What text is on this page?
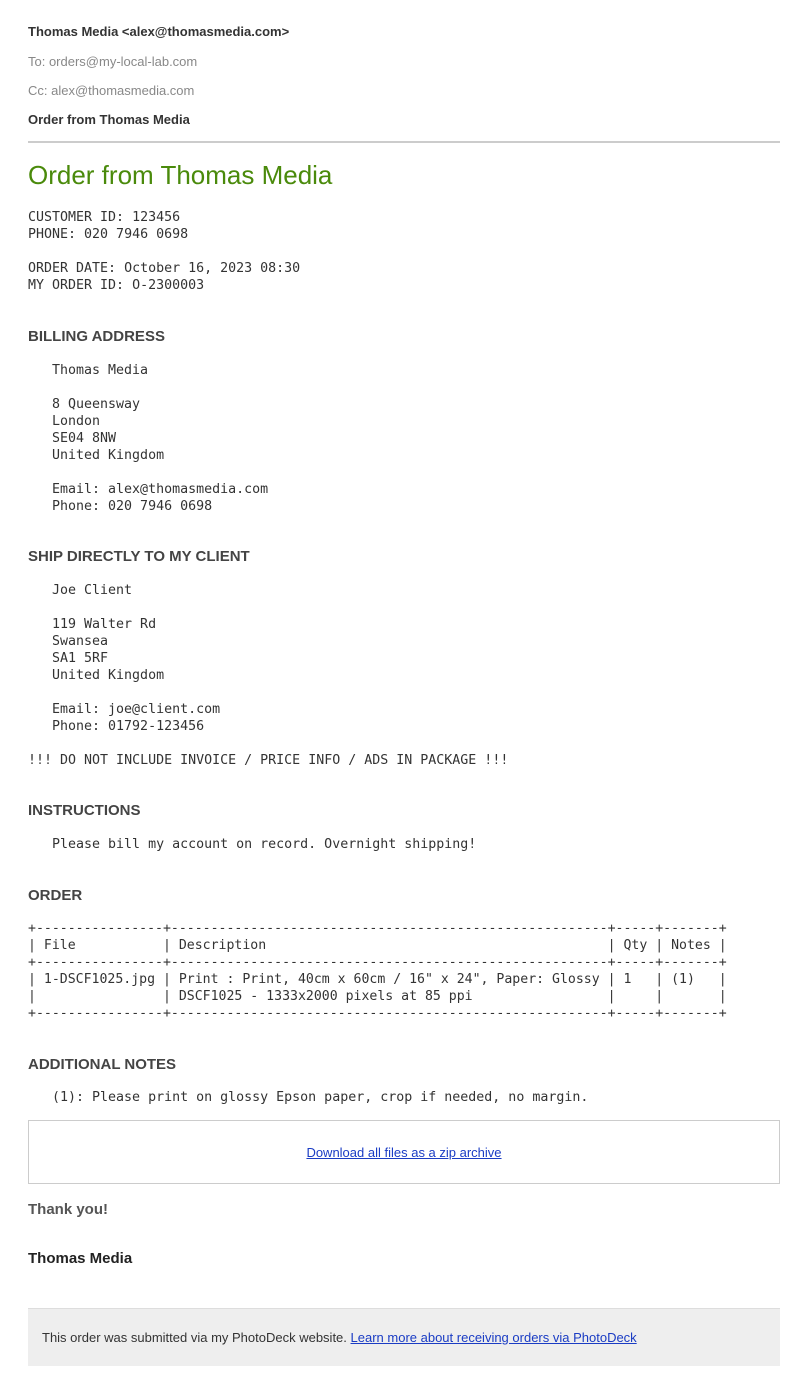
Thomas Media <alex@thomasmedia.com>

To: orders@my-local-lab.com

Cc: alex@thomasmedia.com

Order from Thomas Media

Order from Thomas Media
CUSTOMER ID: 123456
PHONE: 020 7946 0698
ORDER DATE: October 16, 2023 08:30
MY ORDER ID: O-2300003
BILLING ADDRESS
Thomas Media
8 Queensway
London
SE04 8NW
United Kingdom
Email: alex@thomasmedia.com
Phone: 020 7946 0698
SHIP DIRECTLY TO MY CLIENT
Joe Client
119 Walter Rd
Swansea
SA1 5RF
United Kingdom
Email: joe@client.com
Phone: 01792-123456
!!! DO NOT INCLUDE INVOICE / PRICE INFO / ADS IN PACKAGE !!!
INSTRUCTIONS
Please bill my account on record. Overnight shipping!
ORDER
+----------------+-------------------------------------------------------+-----+-------+
| File           | Description                                           | Qty | Notes |
+----------------+-------------------------------------------------------+-----+-------+
| 1-DSCF1025.jpg | Print : Print, 40cm x 60cm / 16" x 24", Paper: Glossy | 1   | (1)   |
|                | DSCF1025 - 1333x2000 pixels at 85 ppi                 |     |       |
+----------------+-------------------------------------------------------+-----+-------+
ADDITIONAL NOTES
(1): Please print on glossy Epson paper, crop if needed, no margin.
Download all files as a zip archive

Thank you!

Thomas Media

This order was submitted via my PhotoDeck website. Learn more about receiving orders via PhotoDeck
